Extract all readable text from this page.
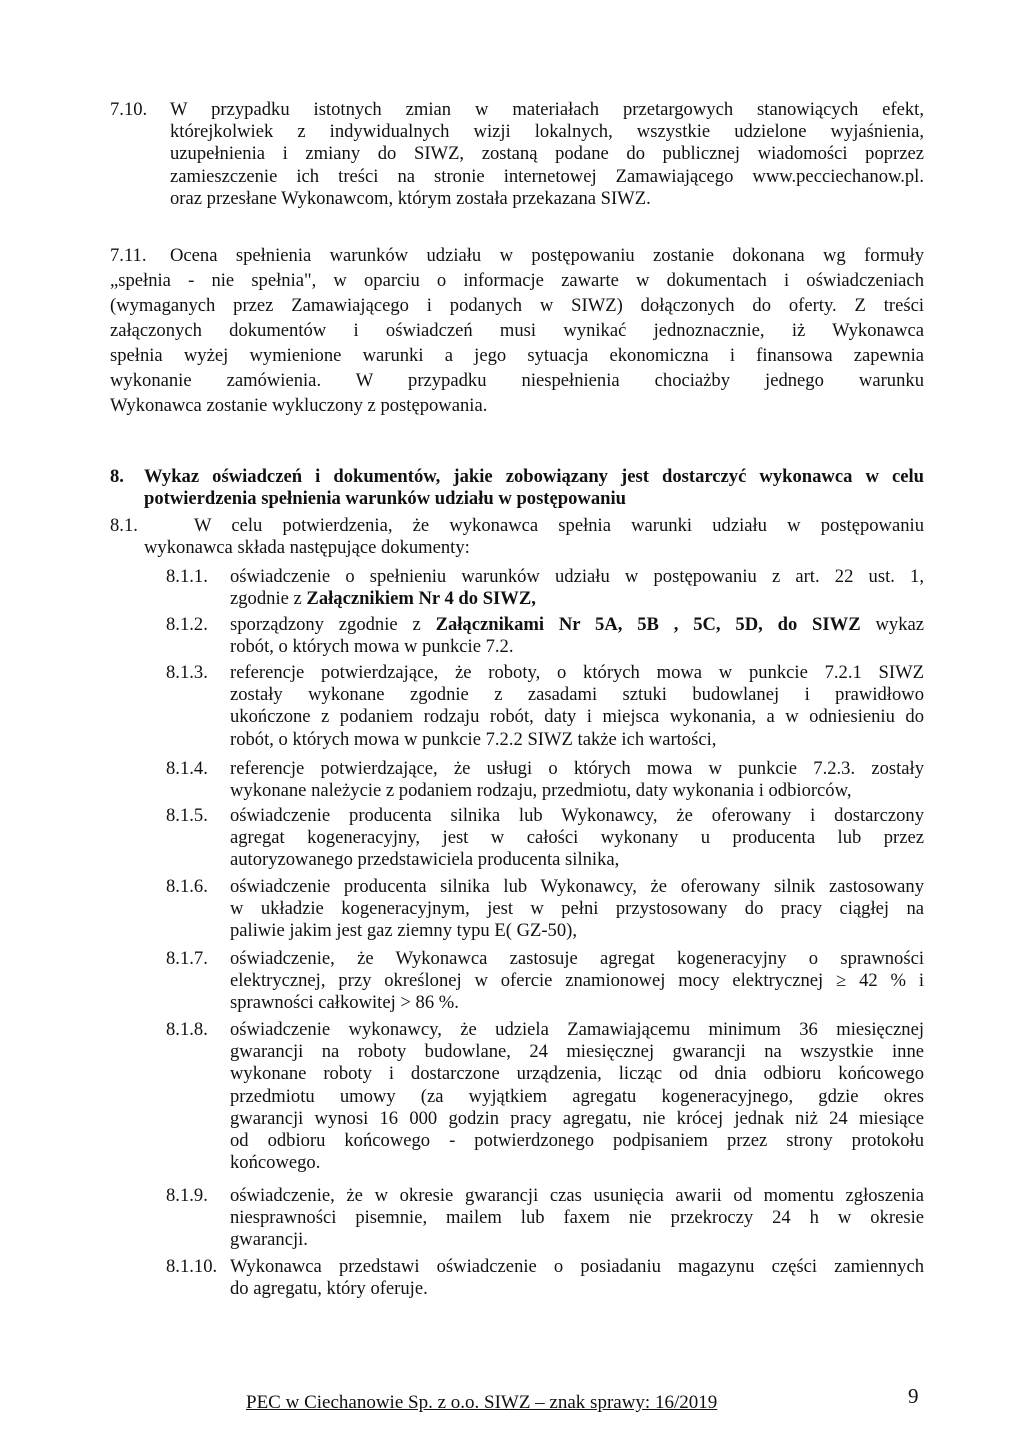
7.10.	W przypadku istotnych zmian w materiałach przetargowych stanowiących efekt,
którejkolwiek z indywidualnych wizji lokalnych, wszystkie udzielone wyjaśnienia,
uzupełnienia i zmiany do SIWZ, zostaną podane do publicznej wiadomości poprzez
zamieszczenie ich treści na stronie internetowej Zamawiającego www.pecciechanow.pl.
oraz przesłane Wykonawcom, którym została przekazana SIWZ.
7.11.	Ocena spełnienia warunków udziału w postępowaniu zostanie dokonana wg formuły
„spełnia - nie spełnia", w oparciu o informacje zawarte w dokumentach i oświadczeniach
(wymaganych przez Zamawiającego i podanych w SIWZ) dołączonych do oferty. Z treści
załączonych dokumentów i oświadczeń musi wynikać jednoznacznie, iż Wykonawca
spełnia wyżej wymienione warunki a jego sytuacja ekonomiczna i finansowa zapewnia
wykonanie zamówienia. W przypadku niespełnienia chociażby jednego warunku
Wykonawca zostanie wykluczony z postępowania.
8. Wykaz oświadczeń i dokumentów, jakie zobowiązany jest dostarczyć wykonawca w celu
potwierdzenia spełnienia warunków udziału w postępowaniu
8.1.	W celu potwierdzenia, że wykonawca spełnia warunki udziału w postępowaniu
wykonawca składa następujące dokumenty:
8.1.1.	oświadczenie o spełnieniu warunków udziału w postępowaniu z art. 22 ust. 1,
zgodnie z Załącznikiem Nr 4 do SIWZ,
8.1.2.	sporządzony zgodnie z Załącznikami Nr 5A, 5B , 5C, 5D, do SIWZ wykaz
robót, o których mowa w punkcie 7.2.
8.1.3.	referencje potwierdzające, że roboty, o których mowa w punkcie 7.2.1 SIWZ
zostały wykonane zgodnie z zasadami sztuki budowlanej i prawidłowo
ukończone z podaniem rodzaju robót, daty i miejsca wykonania, a w odniesieniu do
robót, o których mowa w punkcie 7.2.2 SIWZ także ich wartości,
8.1.4.	referencje potwierdzające, że usługi o których mowa w punkcie 7.2.3. zostały
wykonane należycie z podaniem rodzaju, przedmiotu, daty wykonania i odbiorców,
8.1.5.	oświadczenie producenta silnika lub Wykonawcy, że oferowany i dostarczony
agregat kogeneracyjny, jest w całości wykonany u producenta lub przez
autoryzowanego przedstawiciela producenta silnika,
8.1.6.	oświadczenie producenta silnika lub Wykonawcy, że oferowany silnik zastosowany
w układzie kogeneracyjnym, jest w pełni przystosowany do pracy ciągłej na
paliwie jakim jest gaz ziemny typu E( GZ-50),
8.1.7.	oświadczenie, że Wykonawca zastosuje agregat kogeneracyjny o sprawności
elektrycznej, przy określonej w ofercie znamionowej mocy elektrycznej ≥ 42 % i
sprawności całkowitej > 86 %.
8.1.8.	oświadczenie wykonawcy, że udziela Zamawiającemu minimum 36 miesięcznej
gwarancji na roboty budowlane, 24 miesięcznej gwarancji na wszystkie inne
wykonane roboty i dostarczone urządzenia, licząc od dnia odbioru końcowego
przedmiotu umowy (za wyjątkiem agregatu kogeneracyjnego, gdzie okres
gwarancji wynosi 16 000 godzin pracy agregatu, nie krócej jednak niż 24 miesiące
od odbioru końcowego - potwierdzonego podpisaniem przez strony protokołu
końcowego.
8.1.9.	oświadczenie, że w okresie gwarancji czas usunięcia awarii od momentu zgłoszenia
niesprawności pisemnie, mailem lub faxem nie przekroczy 24 h w okresie
gwarancji.
8.1.10. Wykonawca przedstawi oświadczenie o posiadaniu magazynu części zamiennych
do agregatu, który oferuje.
PEC w Ciechanowie Sp. z o.o. SIWZ – znak sprawy: 16/2019	9
